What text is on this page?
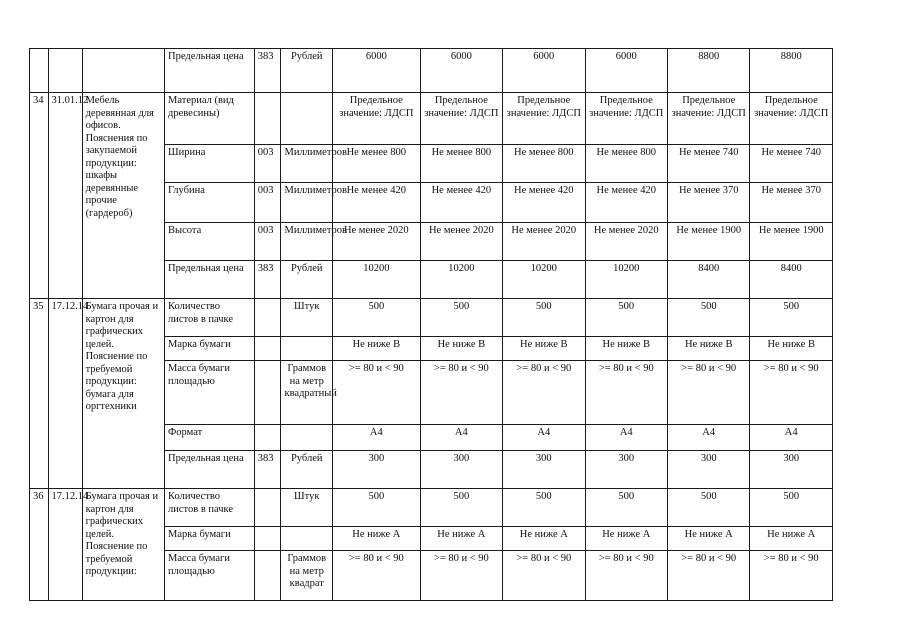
			Предельная цена	383	Рублей	6000	6000	6000	6000	8800	8800
34	31.01.12	Мебель деревянная для офисов. Пояснения по закупаемой продукции: шкафы деревянные прочие (гардероб)	Материал (вид древесины)			Предельное значение: ЛДСП	Предельное значение: ЛДСП	Предельное значение: ЛДСП	Предельное значение: ЛДСП	Предельное значение: ЛДСП	Предельное значение: ЛДСП
			Ширина	003	Миллиметров	Не менее 800	Не менее 800	Не менее 800	Не менее 800	Не менее 740	Не менее 740
			Глубина	003	Миллиметров	Не менее 420	Не менее 420	Не менее 420	Не менее 420	Не менее 370	Не менее 370
			Высота	003	Миллиметров	Не менее 2020	Не менее 2020	Не менее 2020	Не менее 2020	Не менее 1900	Не менее 1900
			Предельная цена	383	Рублей	10200	10200	10200	10200	8400	8400
35	17.12.14	Бумага прочая и картон для графических целей. Пояснение по требуемой продукции: бумага для оргтехники	Количество листов в пачке		Штук	500	500	500	500	500	500
			Марка бумаги			Не ниже В	Не ниже В	Не ниже В	Не ниже В	Не ниже В	Не ниже В
			Масса бумаги площадью		Граммов на метр квадратный	>= 80 и < 90	>= 80 и < 90	>= 80 и < 90	>= 80 и < 90	>= 80 и < 90	>= 80 и < 90
			Формат			А4	А4	А4	А4	А4	А4
			Предельная цена	383	Рублей	300	300	300	300	300	300
36	17.12.14	Бумага прочая и картон для графических целей. Пояснение по требуемой продукции:	Количество листов в пачке		Штук	500	500	500	500	500	500
			Марка бумаги			Не ниже А	Не ниже А	Не ниже А	Не ниже А	Не ниже А	Не ниже А
			Масса бумаги площадью		Граммов на метр квадрат	>= 80 и < 90	>= 80 и < 90	>= 80 и < 90	>= 80 и < 90	>= 80 и < 90	>= 80 и < 90
